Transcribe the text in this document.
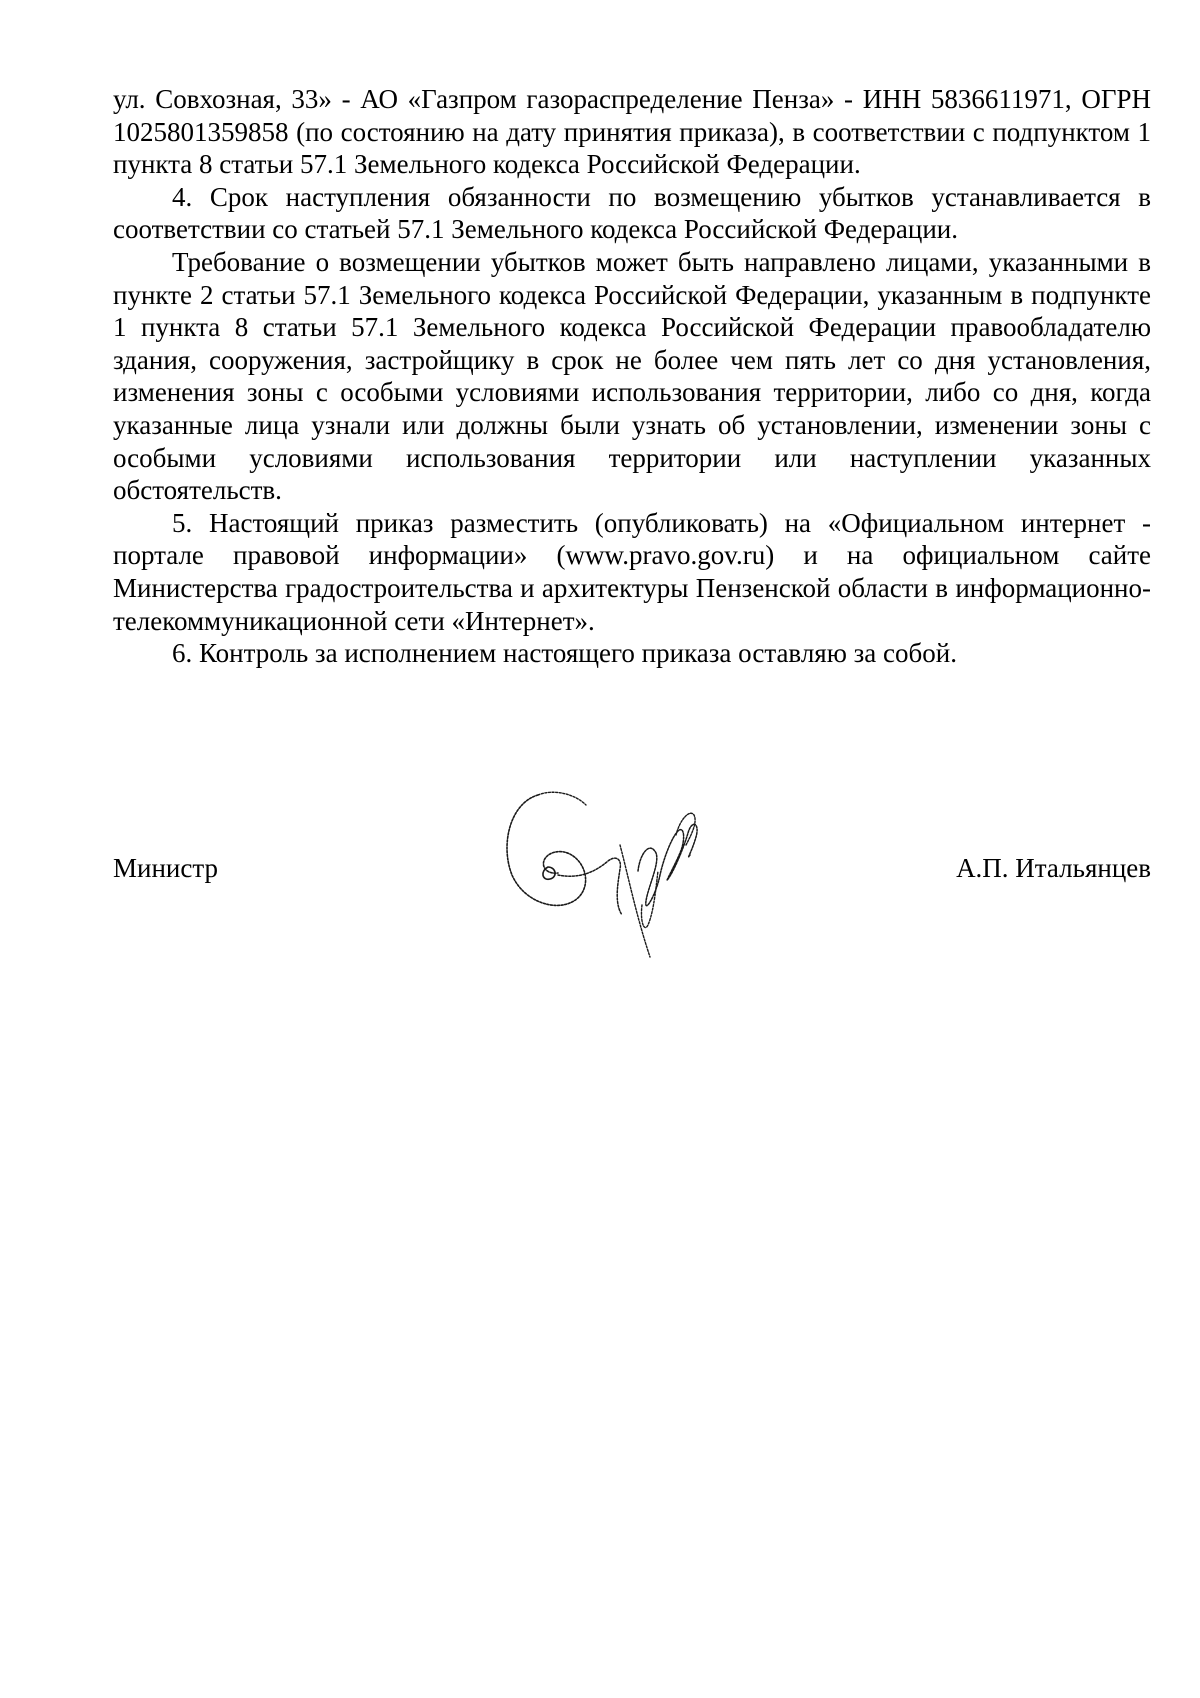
ул. Совхозная, 33» - АО «Газпром газораспределение Пенза» - ИНН 5836611971, ОГРН 1025801359858 (по состоянию на дату принятия приказа), в соответствии с подпунктом 1 пункта 8 статьи 57.1 Земельного кодекса Российской Федерации.

4. Срок наступления обязанности по возмещению убытков устанавливается в соответствии со статьей 57.1 Земельного кодекса Российской Федерации.

Требование о возмещении убытков может быть направлено лицами, указанными в пункте 2 статьи 57.1 Земельного кодекса Российской Федерации, указанным в подпункте 1 пункта 8 статьи 57.1 Земельного кодекса Российской Федерации правообладателю здания, сооружения, застройщику в срок не более чем пять лет со дня установления, изменения зоны с особыми условиями использования территории, либо со дня, когда указанные лица узнали или должны были узнать об установлении, изменении зоны с особыми условиями использования территории или наступлении указанных обстоятельств.

5. Настоящий приказ разместить (опубликовать) на «Официальном интернет - портале правовой информации» (www.pravo.gov.ru) и на официальном сайте Министерства градостроительства и архитектуры Пензенской области в информационно-телекоммуникационной сети «Интернет».

6. Контроль за исполнением настоящего приказа оставляю за собой.

Министр	А.П. Итальянцев
